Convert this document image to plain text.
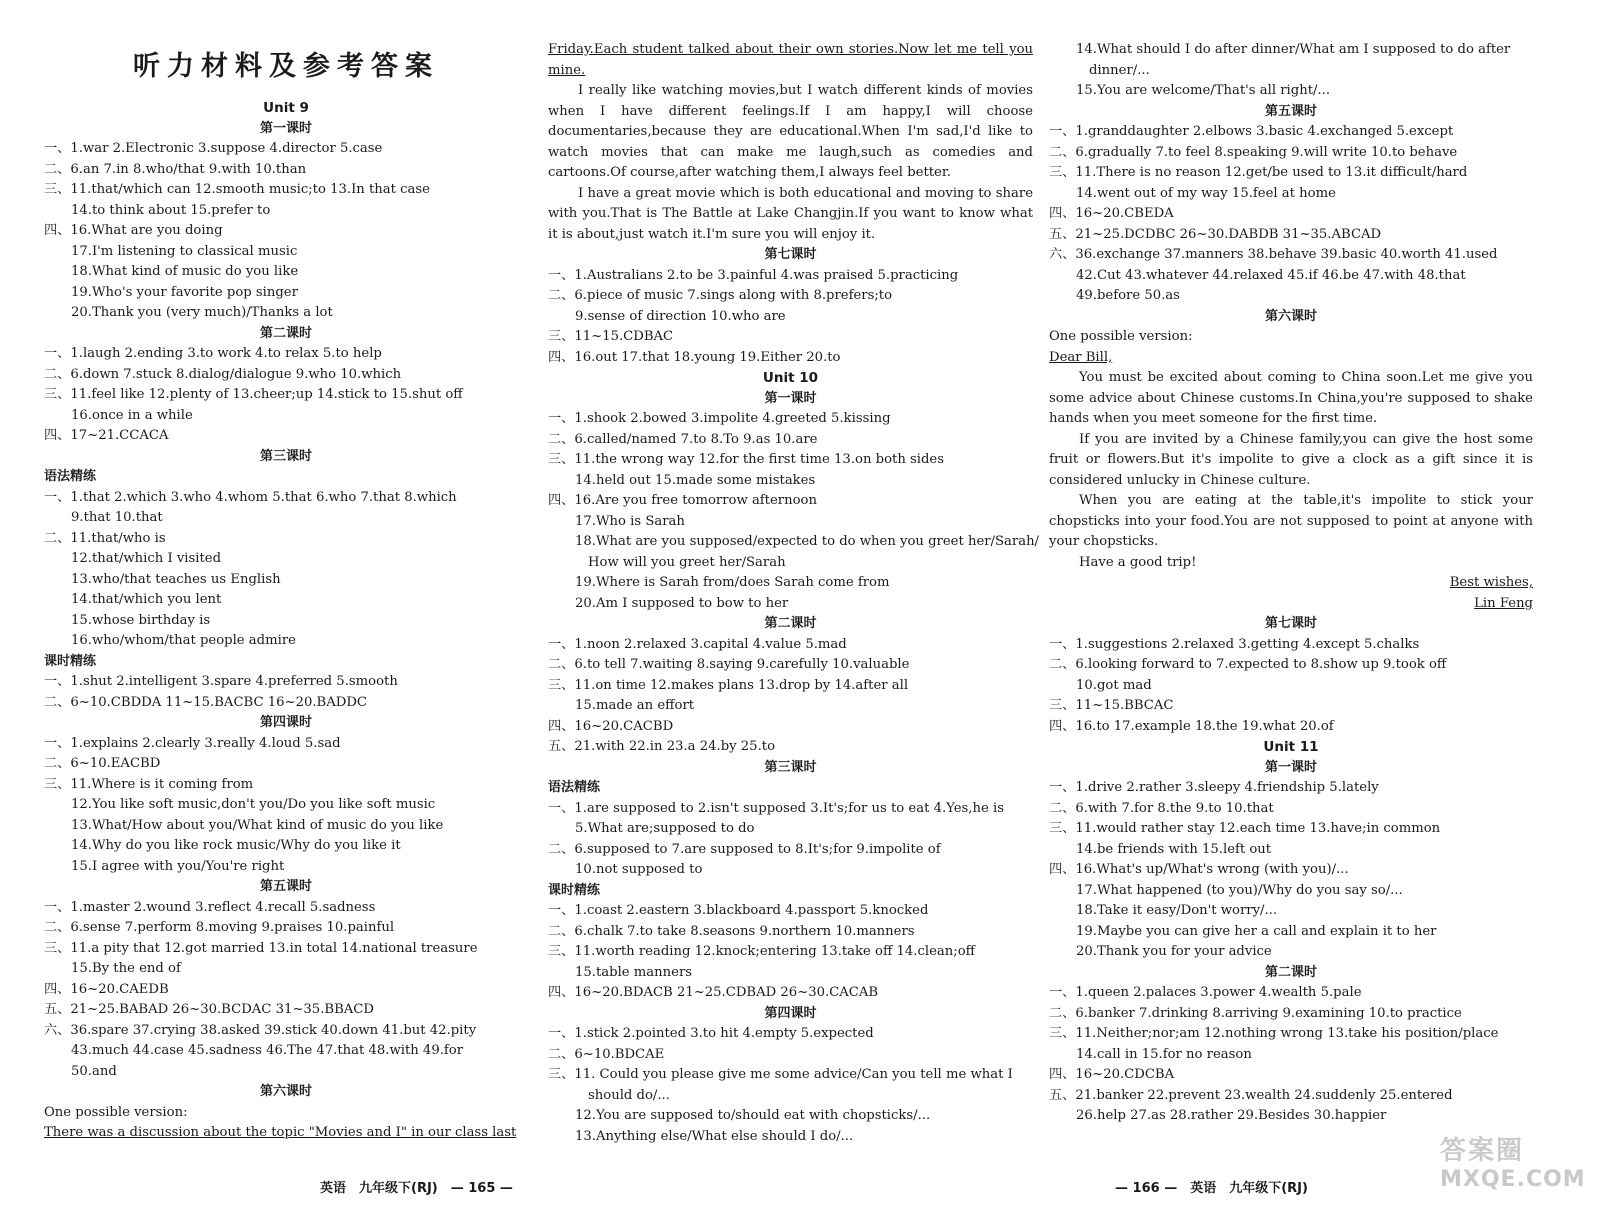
听力材料及参考答案
Unit 9
第一课时
一、1.war 2.Electronic 3.suppose 4.director 5.case
二、6.an 7.in 8.who/that 9.with 10.than
三、11.that/which can 12.smooth music;to 13.In that case
14.to think about 15.prefer to
四、16.What are you doing
17.I'm listening to classical music
18.What kind of music do you like
19.Who's your favorite pop singer
20.Thank you (very much)/Thanks a lot
第二课时
一、1.laugh 2.ending 3.to work 4.to relax 5.to help
二、6.down 7.stuck 8.dialog/dialogue 9.who 10.which
三、11.feel like 12.plenty of 13.cheer;up 14.stick to 15.shut off
16.once in a while
四、17~21.CCACA
第三课时
语法精练
一、1.that 2.which 3.who 4.whom 5.that 6.who 7.that 8.which
9.that 10.that
二、11.that/who is
12.that/which I visited
13.who/that teaches us English
14.that/which you lent
15.whose birthday is
16.who/whom/that people admire
课时精练
一、1.shut 2.intelligent 3.spare 4.preferred 5.smooth
二、6~10.CBDDA 11~15.BACBC 16~20.BADDC
第四课时
一、1.explains 2.clearly 3.really 4.loud 5.sad
二、6~10.EACBD
三、11.Where is it coming from
12.You like soft music,don't you/Do you like soft music
13.What/How about you/What kind of music do you like
14.Why do you like rock music/Why do you like it
15.I agree with you/You're right
第五课时
一、1.master 2.wound 3.reflect 4.recall 5.sadness
二、6.sense 7.perform 8.moving 9.praises 10.painful
三、11.a pity that 12.got married 13.in total 14.national treasure
15.By the end of
四、16~20.CAEDB
五、21~25.BABAD 26~30.BCDAC 31~35.BBACD
六、36.spare 37.crying 38.asked 39.stick 40.down 41.but 42.pity
43.much 44.case 45.sadness 46.The 47.that 48.with 49.for
50.and
第六课时
One possible version:
There was a discussion about the topic "Movies and I" in our class last
Friday.Each student talked about their own stories.Now let me tell you mine.
I really like watching movies,but I watch different kinds of movies when I have different feelings.If I am happy,I will choose documentaries,because they are educational.When I'm sad,I'd like to watch movies that can make me laugh,such as comedies and cartoons.Of course,after watching them,I always feel better.
I have a great movie which is both educational and moving to share with you.That is The Battle at Lake Changjin.If you want to know what it is about,just watch it.I'm sure you will enjoy it.
第七课时
一、1.Australians 2.to be 3.painful 4.was praised 5.practicing
二、6.piece of music 7.sings along with 8.prefers;to
9.sense of direction 10.who are
三、11~15.CDBAC
四、16.out 17.that 18.young 19.Either 20.to
Unit 10
第一课时
一、1.shook 2.bowed 3.impolite 4.greeted 5.kissing
二、6.called/named 7.to 8.To 9.as 10.are
三、11.the wrong way 12.for the first time 13.on both sides
14.held out 15.made some mistakes
四、16.Are you free tomorrow afternoon
17.Who is Sarah
18.What are you supposed/expected to do when you greet her/Sarah/
How will you greet her/Sarah
19.Where is Sarah from/does Sarah come from
20.Am I supposed to bow to her
第二课时
一、1.noon 2.relaxed 3.capital 4.value 5.mad
二、6.to tell 7.waiting 8.saying 9.carefully 10.valuable
三、11.on time 12.makes plans 13.drop by 14.after all
15.made an effort
四、16~20.CACBD
五、21.with 22.in 23.a 24.by 25.to
第三课时
语法精练
一、1.are supposed to 2.isn't supposed 3.It's;for us to eat 4.Yes,he is
5.What are;supposed to do
二、6.supposed to 7.are supposed to 8.It's;for 9.impolite of
10.not supposed to
课时精练
一、1.coast 2.eastern 3.blackboard 4.passport 5.knocked
二、6.chalk 7.to take 8.seasons 9.northern 10.manners
三、11.worth reading 12.knock;entering 13.take off 14.clean;off
15.table manners
四、16~20.BDACB 21~25.CDBAD 26~30.CACAB
第四课时
一、1.stick 2.pointed 3.to hit 4.empty 5.expected
二、6~10.BDCAE
三、11. Could you please give me some advice/Can you tell me what I
should do/...
12.You are supposed to/should eat with chopsticks/...
13.Anything else/What else should I do/...
14.What should I do after dinner/What am I supposed to do after
dinner/...
15.You are welcome/That's all right/...
第五课时
一、1.granddaughter 2.elbows 3.basic 4.exchanged 5.except
二、6.gradually 7.to feel 8.speaking 9.will write 10.to behave
三、11.There is no reason 12.get/be used to 13.it difficult/hard
14.went out of my way 15.feel at home
四、16~20.CBEDA
五、21~25.DCDBC 26~30.DABDB 31~35.ABCAD
六、36.exchange 37.manners 38.behave 39.basic 40.worth 41.used
42.Cut 43.whatever 44.relaxed 45.if 46.be 47.with 48.that
49.before 50.as
第六课时
One possible version:
Dear Bill,
You must be excited about coming to China soon.Let me give you some advice about Chinese customs.In China,you're supposed to shake hands when you meet someone for the first time.
If you are invited by a Chinese family,you can give the host some fruit or flowers.But it's impolite to give a clock as a gift since it is considered unlucky in Chinese culture.
When you are eating at the table,it's impolite to stick your chopsticks into your food.You are not supposed to point at anyone with your chopsticks.
Have a good trip!
Best wishes,
Lin Feng
第七课时
一、1.suggestions 2.relaxed 3.getting 4.except 5.chalks
二、6.looking forward to 7.expected to 8.show up 9.took off
10.got mad
三、11~15.BBCAC
四、16.to 17.example 18.the 19.what 20.of
Unit 11
第一课时
一、1.drive 2.rather 3.sleepy 4.friendship 5.lately
二、6.with 7.for 8.the 9.to 10.that
三、11.would rather stay 12.each time 13.have;in common
14.be friends with 15.left out
四、16.What's up/What's wrong (with you)/...
17.What happened (to you)/Why do you say so/...
18.Take it easy/Don't worry/...
19.Maybe you can give her a call and explain it to her
20.Thank you for your advice
第二课时
一、1.queen 2.palaces 3.power 4.wealth 5.pale
二、6.banker 7.drinking 8.arriving 9.examining 10.to practice
三、11.Neither;nor;am 12.nothing wrong 13.take his position/place
14.call in 15.for no reason
四、16~20.CDCBA
五、21.banker 22.prevent 23.wealth 24.suddenly 25.entered
26.help 27.as 28.rather 29.Besides 30.happier
英语　九年级下(RJ)　— 165 —	— 166 —　英语　九年级下(RJ)
答案圈
MXQE.COM
